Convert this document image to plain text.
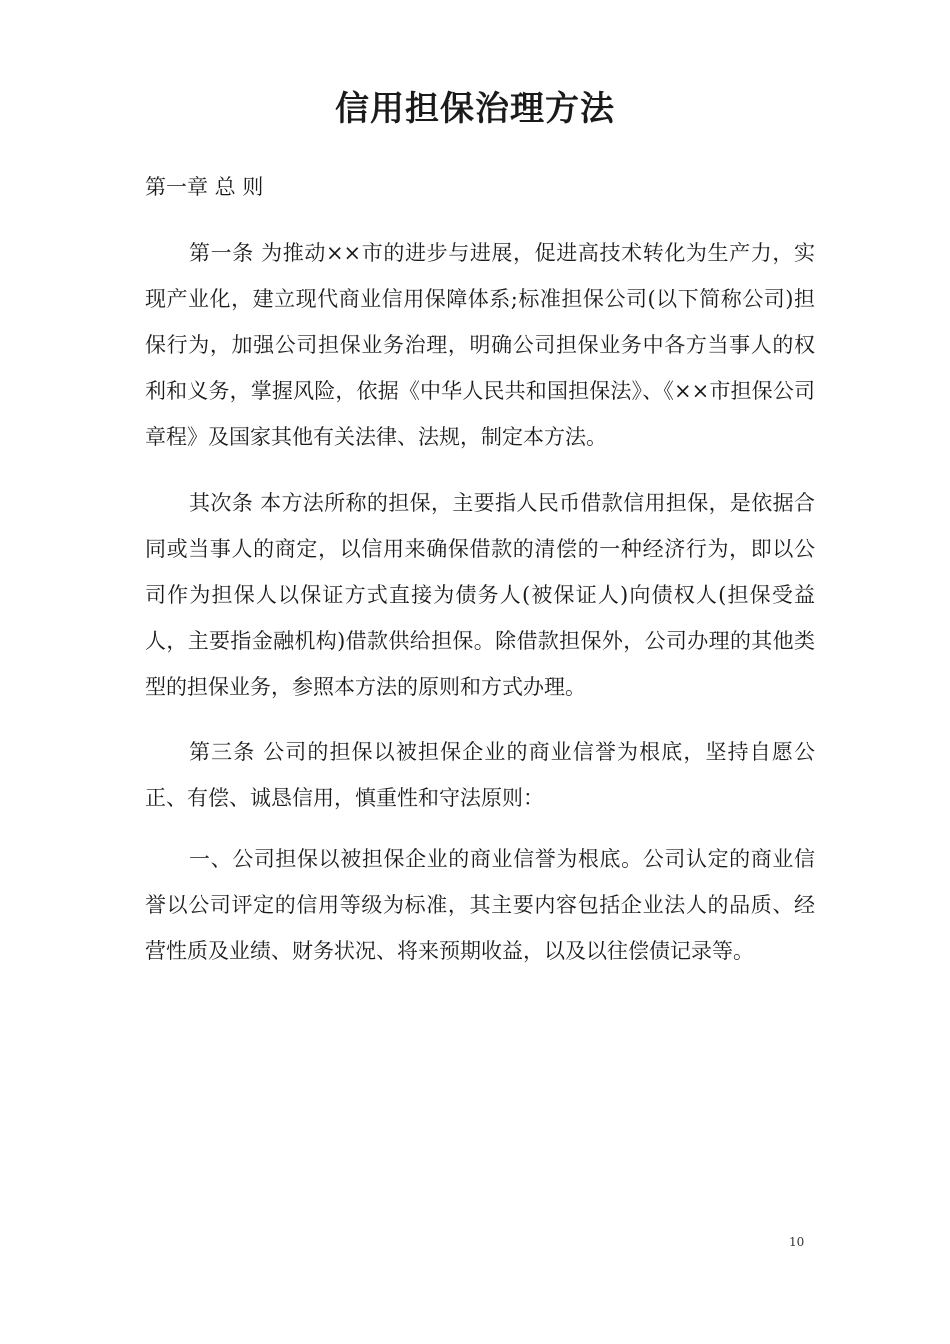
信用担保治理方法
第一章 总 则
第一条 为推动××市的进步与进展，促进高技术转化为生产力，实现产业化，建立现代商业信用保障体系;标准担保公司(以下简称公司)担保行为，加强公司担保业务治理，明确公司担保业务中各方当事人的权利和义务，掌握风险，依据《中华人民共和国担保法》、《××市担保公司章程》及国家其他有关法律、法规，制定本方法。
其次条 本方法所称的担保，主要指人民币借款信用担保，是依据合同或当事人的商定，以信用来确保借款的清偿的一种经济行为，即以公司作为担保人以保证方式直接为债务人(被保证人)向债权人(担保受益人，主要指金融机构)借款供给担保。除借款担保外，公司办理的其他类型的担保业务，参照本方法的原则和方式办理。
第三条 公司的担保以被担保企业的商业信誉为根底，坚持自愿公正、有偿、诚恳信用，慎重性和守法原则：
一、公司担保以被担保企业的商业信誉为根底。公司认定的商业信誉以公司评定的信用等级为标准，其主要内容包括企业法人的品质、经营性质及业绩、财务状况、将来预期收益，以及以往偿债记录等。
10
